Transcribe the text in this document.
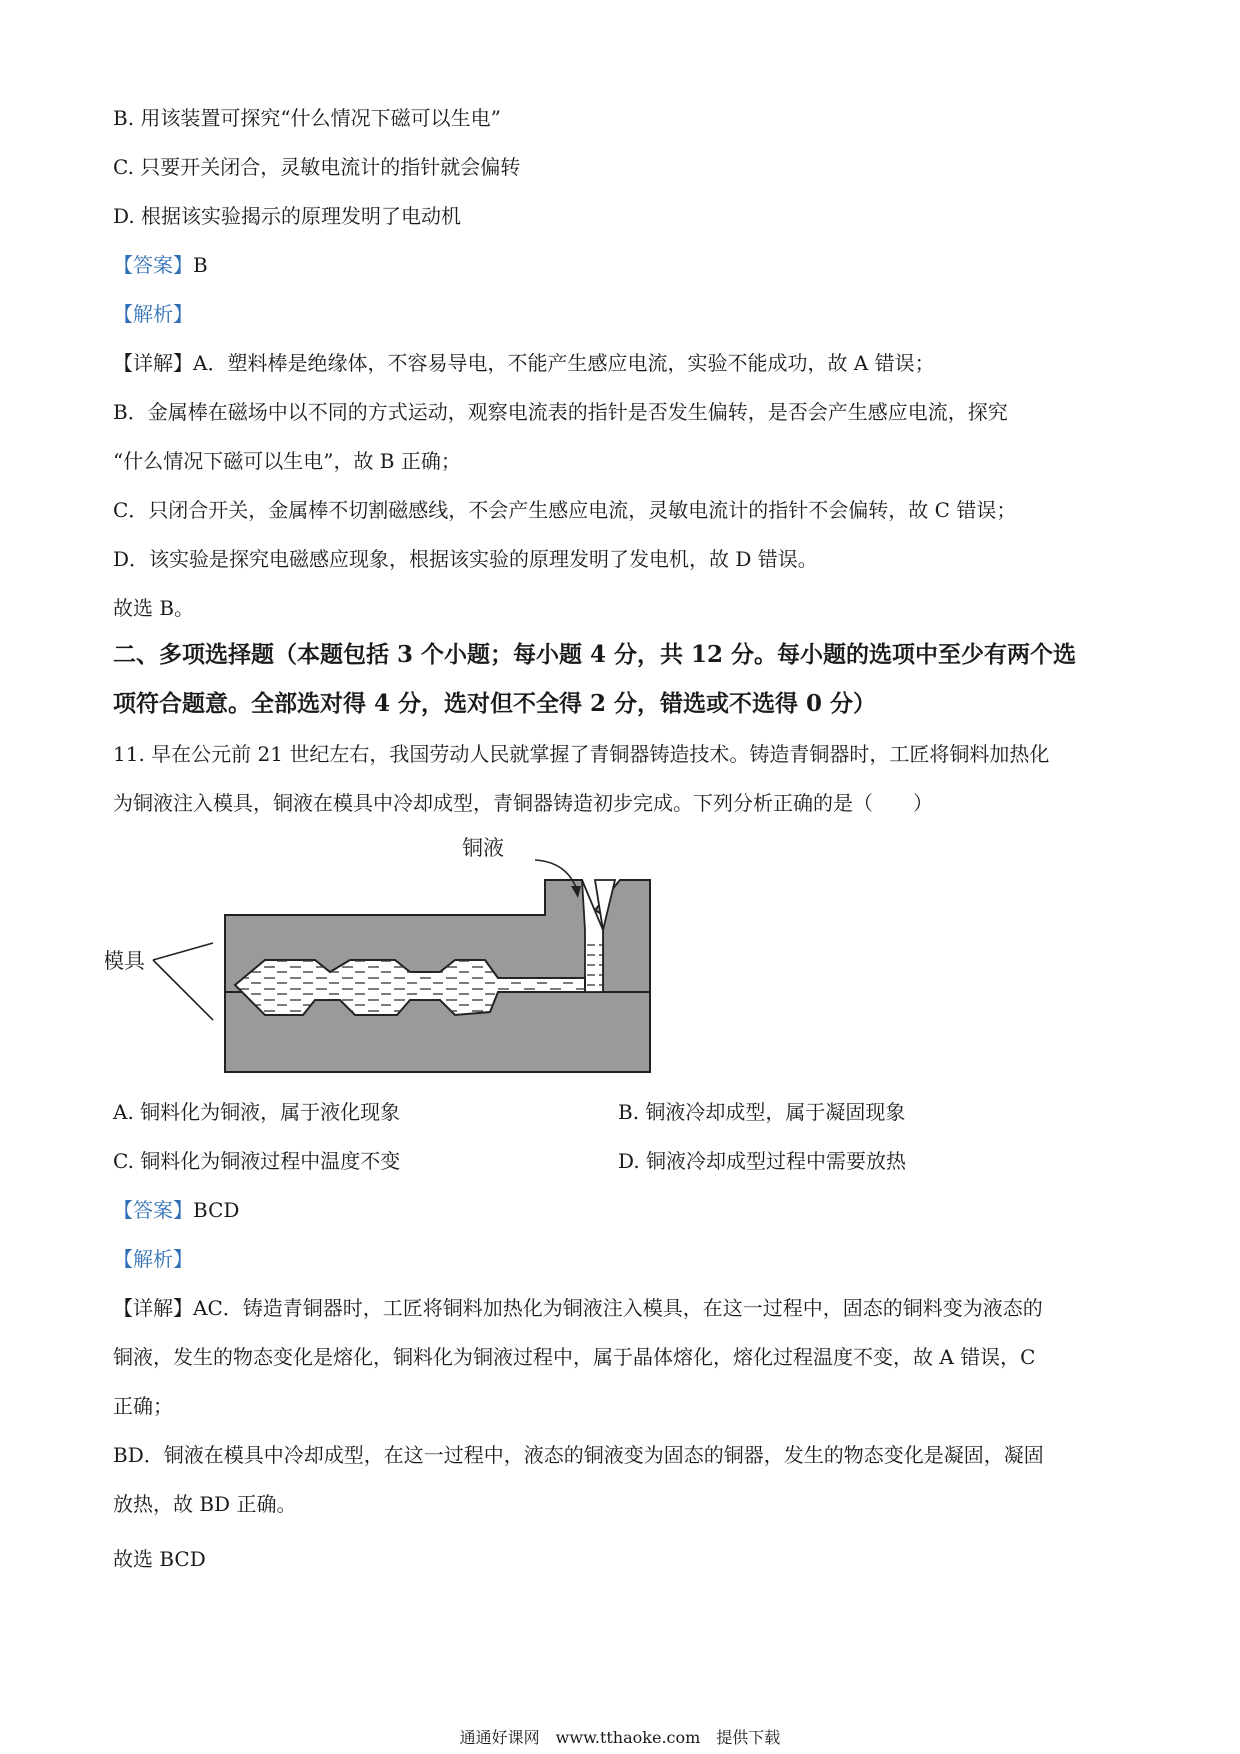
B. 用该装置可探究“什么情况下磁可以生电”
C. 只要开关闭合，灵敏电流计的指针就会偏转
D. 根据该实验揭示的原理发明了电动机
【答案】B
【解析】
【详解】A．塑料棒是绝缘体，不容易导电，不能产生感应电流，实验不能成功，故 A 错误；
B．金属棒在磁场中以不同的方式运动，观察电流表的指针是否发生偏转，是否会产生感应电流，探究
“什么情况下磁可以生电”，故 B 正确；
C．只闭合开关，金属棒不切割磁感线，不会产生感应电流，灵敏电流计的指针不会偏转，故 C 错误；
D．该实验是探究电磁感应现象，根据该实验的原理发明了发电机，故 D 错误。
故选 B。
二、多项选择题（本题包括 3 个小题；每小题 4 分，共 12 分。每小题的选项中至少有两个选
项符合题意。全部选对得 4 分，选对但不全得 2 分，错选或不选得 0 分）
11. 早在公元前 21 世纪左右，我国劳动人民就掌握了青铜器铸造技术。铸造青铜器时，工匠将铜料加热化
为铜液注入模具，铜液在模具中冷却成型，青铜器铸造初步完成。下列分析正确的是（　　）
铜液
模具
A. 铜料化为铜液，属于液化现象	B. 铜液冷却成型，属于凝固现象
C. 铜料化为铜液过程中温度不变	D. 铜液冷却成型过程中需要放热
【答案】BCD
【解析】
【详解】AC．铸造青铜器时，工匠将铜料加热化为铜液注入模具，在这一过程中，固态的铜料变为液态的
铜液，发生的物态变化是熔化，铜料化为铜液过程中，属于晶体熔化，熔化过程温度不变，故 A 错误，C
正确；
BD．铜液在模具中冷却成型，在这一过程中，液态的铜液变为固态的铜器，发生的物态变化是凝固，凝固
放热，故 BD 正确。
故选 BCD
通通好课网　www.tthaoke.com　提供下载
